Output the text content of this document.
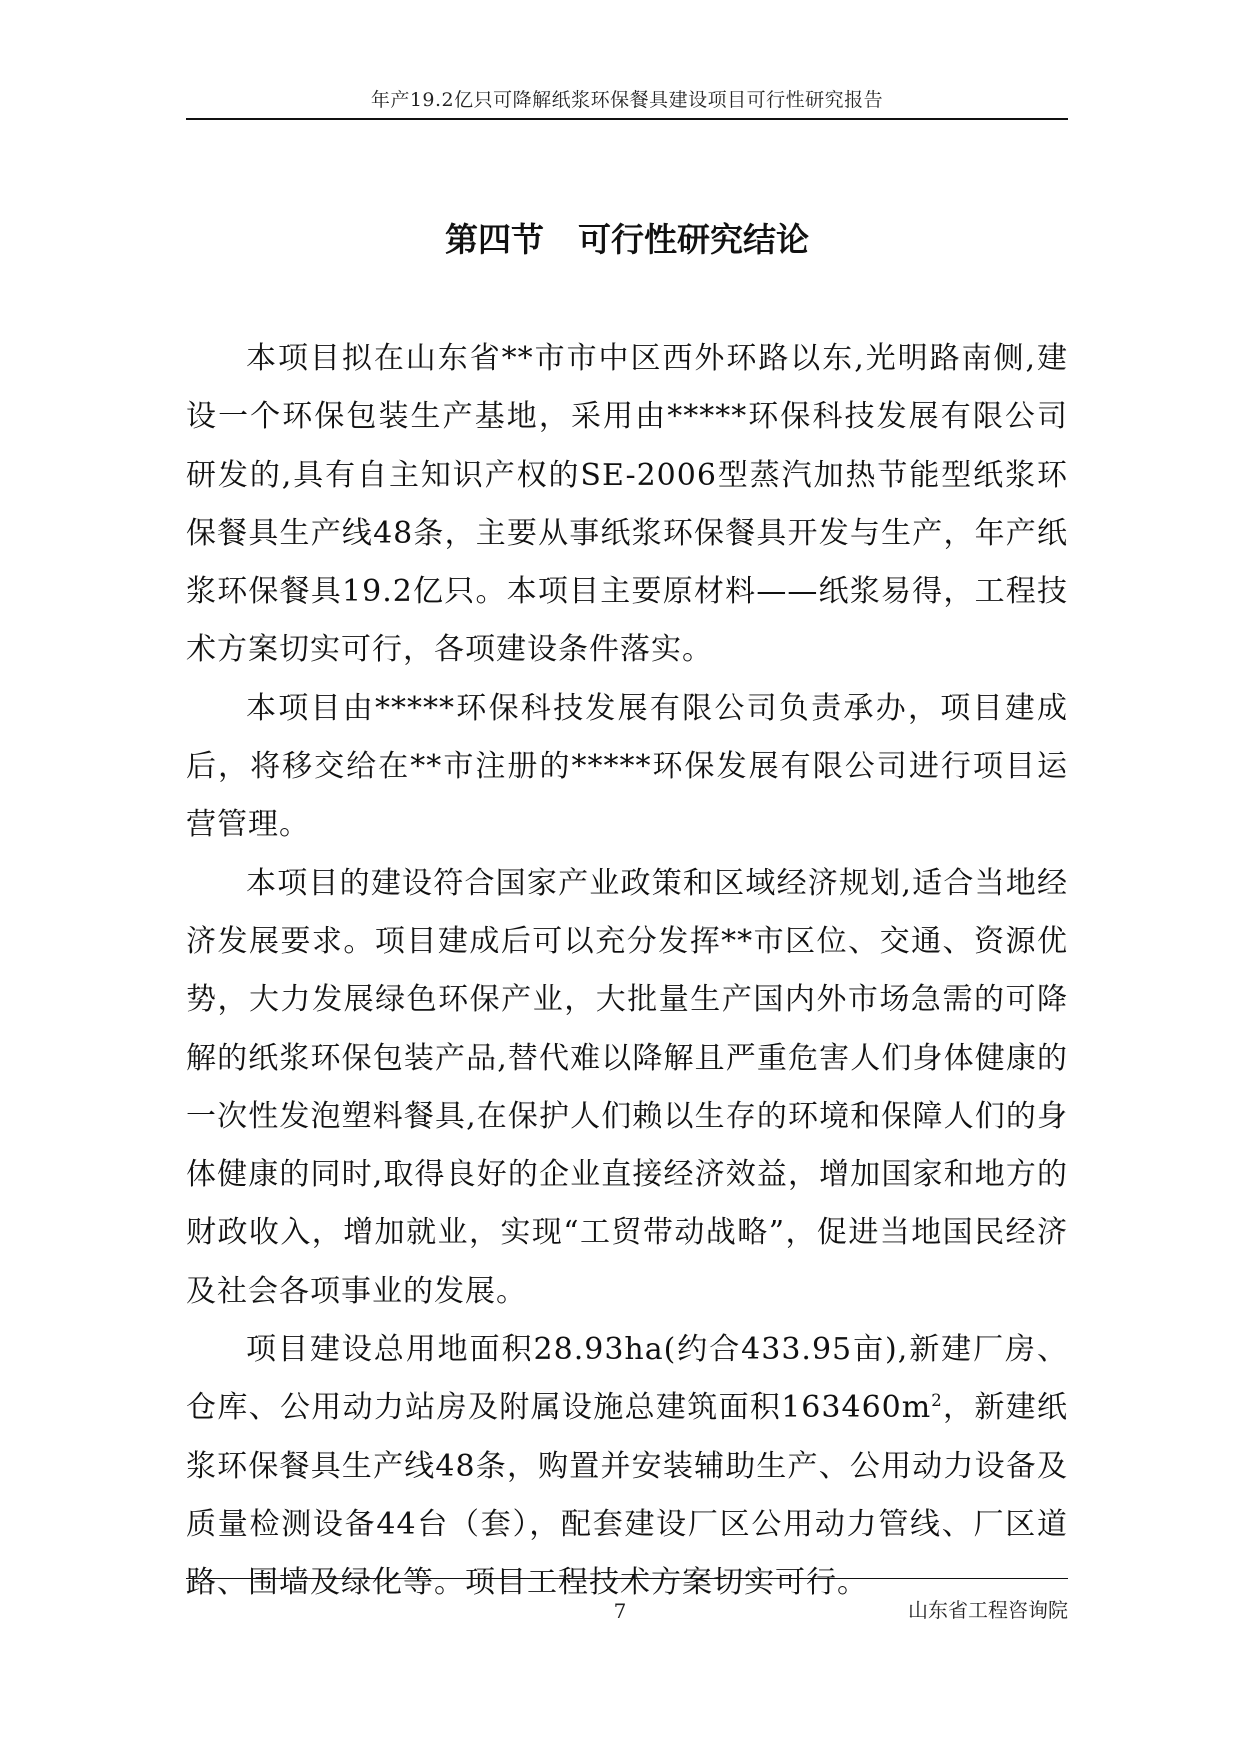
年产19.2亿只可降解纸浆环保餐具建设项目可行性研究报告
第四节 可行性研究结论

本项目拟在山东省**市市中区西外环路以东,光明路南侧,建设一个环保包装生产基地，采用由*****环保科技发展有限公司研发的,具有自主知识产权的SE-2006型蒸汽加热节能型纸浆环保餐具生产线48条，主要从事纸浆环保餐具开发与生产，年产纸浆环保餐具19.2亿只。本项目主要原材料——纸浆易得，工程技术方案切实可行，各项建设条件落实。

本项目由*****环保科技发展有限公司负责承办，项目建成后，将移交给在**市注册的*****环保发展有限公司进行项目运营管理。

本项目的建设符合国家产业政策和区域经济规划,适合当地经济发展要求。项目建成后可以充分发挥**市区位、交通、资源优势，大力发展绿色环保产业，大批量生产国内外市场急需的可降解的纸浆环保包装产品,替代难以降解且严重危害人们身体健康的一次性发泡塑料餐具,在保护人们赖以生存的环境和保障人们的身体健康的同时,取得良好的企业直接经济效益，增加国家和地方的财政收入，增加就业，实现“工贸带动战略”，促进当地国民经济及社会各项事业的发展。

项目建设总用地面积28.93ha(约合433.95亩),新建厂房、仓库、公用动力站房及附属设施总建筑面积$163460m^2$，新建纸浆环保餐具生产线48条，购置并安装辅助生产、公用动力设备及质量检测设备44台（套），配套建设厂区公用动力管线、厂区道路、围墙及绿化等。项目工程技术方案切实可行。

7	山东省工程咨询院
